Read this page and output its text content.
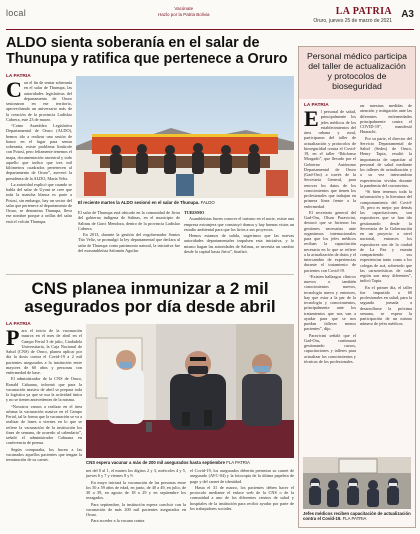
local	Vacúnate
Hazlo por la Patria Bolivia	LA PATRIA
Oruro, jueves 25 de marzo de 2021
A3
ALDO sienta soberanía en el salar de Thunupa y ratifica que pertenece a Oruro
LA PATRIA
C on el fin de sentar soberanía en el salar de Thunupa, las autoridades legislativas del departamento de Oruro sesionaron en ese territorio, aprovechando un aniversario más de la creación de la provincia Ladislao Cabrera, este 23 de marzo.

“Como Asamblea Legislativa Departamental de Oruro (ALDO), hemos ido a realizar una sesión de honor en el lugar para sentar soberanía, existe problema limítrofe con Potosí, pero felizmente tenemos el mapa, documentación ancestral y todo aquello que indica que tres mil kilómetros cuadrados pertenecen al departamento de Oruro”, aseveró la presidenta de la ALDO, María Veliz.

La autoridad explicó que cuando se habla del salar de Uyuni se cree que toda la mancha blanca es parte a Potosí, sin embargo, hay un sector del salar que pertenece al departamento de Oruro, se denomina Thunupa, lleva ese nombre porque a orillas del salar está el volcán Thunupa.

El reciente martes la ALDO sesionó en el salar de Thunupa. FALDO

El salar de Thunupa está ubicado en la comunidad de Jirira del gobierno indígena de Salinas, en el municipio de Salinas de Garci Mendoza, dentro de la provincia Ladislao Cabrera.

En 2013, durante la gestión del exgobernador Santos Tito Veliz, se promulgó la ley departamental que declara al salar de Thunupa como patrimonio natural, la iniciativa fue del exasambleísta Salomón Aguilar.

TURISMO

Asambleístas hacen conocer el turismo en el norte, existe una empresa extranjera que construyó domos y hay buenas vistas un estudio ambiental para que los lirios a sus proyectos.

Hemos estamos de salida, sugerimos que las nuevas autoridades departamentales impulsen esta iniciativa, y lo mismo hagan las autoridades de Salinas, se necesita un cambio desde la capital hasta Jirira”, finalizó.

CNS planea inmunizar a 2 mil asegurados por día desde abril
LA PATRIA
P ara el inicio de la vacunación masiva en el mes de abril en el Campo Ferial 3 de julio, Ciudadela Universitaria, la Caja Nacional de Salud (CNS) de Oruro, planea aplicar por día la dosis contra el Covid-19 a 2 mil pacientes asegurados a la institución entre mayores de 60 años y personas con enfermedad de base.

El administrador de la CNS de Oruro, Ronald Cahuana, informó que para la vacunación masiva de abril se prepara toda la logística ya que se usa la actividad única y no se tienen antecedentes de la misma.

“Nosotros vamos a realizar en el área urbana la vacunación masiva en el Campo Ferial, tal la forma que la vacunación se va a realizar de lunes a viernes en lo que se refiere la vacunación de la institución los fines de semana, de acuerdo al calendario”, señaló el administrador Cahuana en conferencia de prensa.

Según comparaba, los hacen a las vacunados aquellos pacientes que tengan la terminación de su carnet.

CNS espera vacunar a más de 200 mil asegurados hasta septiembre FLA PATRIA

net del 0 al 1, el martes los dígitos 2 y 3, miércoles 4 y 5, jueves 6 y 7 y viernes 8 y 9.

En mayo iniciará la vacunación de las personas entre los 50 a 59 años de edad, en junio, de 40 a 49, en julio, de 30 a 39, en agosto de 18 a 29 y en septiembre los rezagados.

Para septiembre, la institución espera concluir con la vacunación de más 200 mil pacientes asegurados en Oruro.

Para acceder a la vacuna contra

el Covid-19, los asegurados deberán presentar su carnet de asegurado (AVC-04) y la fotocopia de la última papeleta de pago y del carnet de identidad.

Hasta el 31 de marzo, los pacientes deben hacer el protocolo mediante el enlace web de la CNS o de la comunidad a uno de los diferentes centros de salud y hospitales de la institución para recibir ayudar por parte de los trabajadores sociales.

Personal médico participa del taller de actualización y protocolos de bioseguridad
LA PATRIA
E l personal de salud, principalmente los jefes médicos de los establecimientos del área urbana y rural, participaron del taller de actualización y protocolos de bioseguridad contra el Covid-19, en el taller “Ildofonso Morgado”, que llevado por el Gobierno Autónomo Departamental de Oruro (Gad-Oru) a través de la Secretaría General, para renovar los datos de los conocimientos que tienen los profesionales que trabajan en primera línea frente a la enfermedad.

El secretario general del Gad-Oru, Olson Paravicini, destacó que se hicieron las gestiones necesarias ante organismos internacionales para que los jefes médicos reciban la capacitación necesaria en lo que se refiere a la actualización de datos y el intercambio de experiencias durante el tratamiento de pacientes con Covid-19.

“Existen hallazgos clínicos nuevos o también conocimientos nuevos, tecnología nueva y entonces, hay que estar a la par de la tecnología y conocimientos, principalmente ante los tratamientos que nos van a ayudar para que se nos puedan fallecer menos pacientes”, dijo.

Paravicini señaló que el Gad-Oru, continuará gestionando cursos, capacitaciones y talleres para actualizar los conocimientos y técnicas de los profesionales.

rar nuestras medidas de atención y mitigación ante las diferentes enfermedades principalmente contra el COVID-19”, manifestó Huarachi.

Por su parte, el director del Servicio Departamental de Salud (Sedes) de Oruro, Henry Tapia, resaltó la importancia de capacitar al personal de salud mediante los talleres de actualización y a su vez intercambiar experiencias vividas durante la pandemia del coronavirus.

“Si bien tenemos toda la información y la literatura del comportamiento del Covid-19, pero es mejor por demás las capacitaciones, son expositores que se han ido gestionando desde la Secretaría de la Gobernación en un proyecto a nivel nacional, entonces los expositores son de la ciudad de La Paz y estarán compartiendo sus experiencias tanto como a los colegas de acá, sobretodo que las características de cada región son muy diferentes”, indicó Tapia.

En el primer día, el taller fue impartido a 60 profesionales en salud, para la segunda jornada a desarrollarse la próxima semana, se espera la participación de un mismo número de jefes médicos.

Jefes médicos reciben capacitación de actualización contra el Covid-19. FLA PATRIA
